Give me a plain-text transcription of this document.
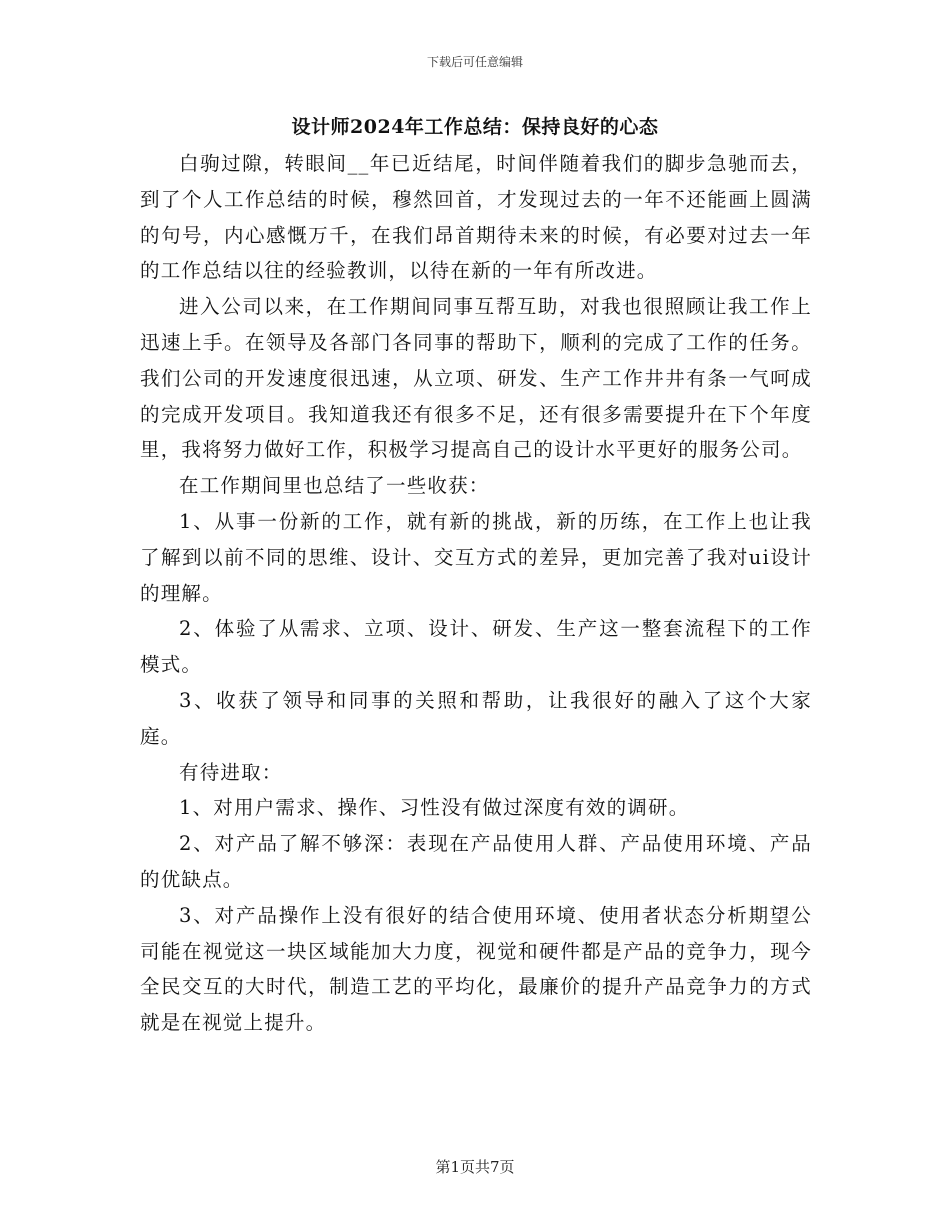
下载后可任意编辑
设计师2024年工作总结：保持良好的心态

白驹过隙，转眼间__年已近结尾，时间伴随着我们的脚步急驰而去，到了个人工作总结的时候，穆然回首，才发现过去的一年不还能画上圆满的句号，内心感慨万千，在我们昂首期待未来的时候，有必要对过去一年的工作总结以往的经验教训，以待在新的一年有所改进。

进入公司以来，在工作期间同事互帮互助，对我也很照顾让我工作上迅速上手。在领导及各部门各同事的帮助下，顺利的完成了工作的任务。我们公司的开发速度很迅速，从立项、研发、生产工作井井有条一气呵成的完成开发项目。我知道我还有很多不足，还有很多需要提升在下个年度里，我将努力做好工作，积极学习提高自己的设计水平更好的服务公司。

在工作期间里也总结了一些收获：

1、从事一份新的工作，就有新的挑战，新的历练，在工作上也让我了解到以前不同的思维、设计、交互方式的差异，更加完善了我对ui设计的理解。

2、体验了从需求、立项、设计、研发、生产这一整套流程下的工作模式。

3、收获了领导和同事的关照和帮助，让我很好的融入了这个大家庭。

有待进取：

1、对用户需求、操作、习性没有做过深度有效的调研。

2、对产品了解不够深：表现在产品使用人群、产品使用环境、产品的优缺点。

3、对产品操作上没有很好的结合使用环境、使用者状态分析期望公司能在视觉这一块区域能加大力度，视觉和硬件都是产品的竞争力，现今全民交互的大时代，制造工艺的平均化，最廉价的提升产品竞争力的方式就是在视觉上提升。

第1页共7页
